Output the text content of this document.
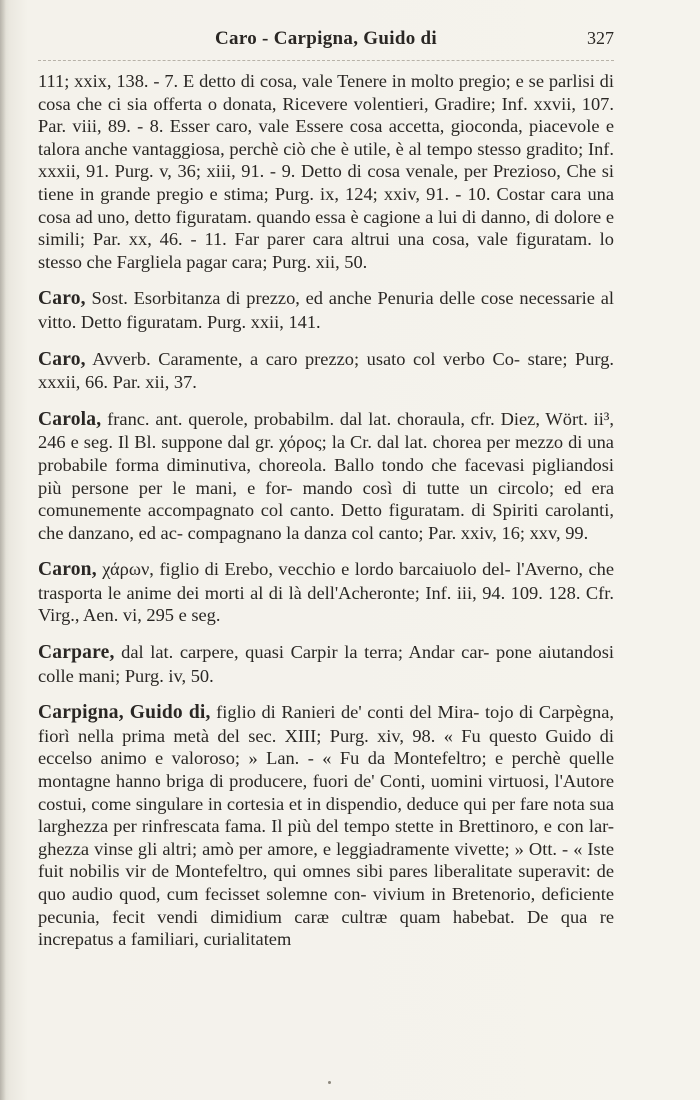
Caro - Carpigna, Guido di	327

111; xxix, 138. - 7. E detto di cosa, vale Tenere in molto pregio; e se parlisi di cosa che ci sia offerta o donata, Ricevere volentieri, Gradire; Inf. xxvii, 107. Par. viii, 89. - 8. Esser caro, vale Essere cosa accetta, gioconda, piacevole e talora anche vantaggiosa, perchè ciò che è utile, è al tempo stesso gradito; Inf. xxxii, 91. Purg. v, 36; xiii, 91. - 9. Detto di cosa venale, per Prezioso, Che si tiene in grande pregio e stima; Purg. ix, 124; xxiv, 91. - 10. Costar cara una cosa ad uno, detto figuratam. quando essa è cagione a lui di danno, di dolore e simili; Par. xx, 46. - 11. Far parer cara altrui una cosa, vale figuratam. lo stesso che Fargliela pagar cara; Purg. xii, 50.

Caro, Sost. Esorbitanza di prezzo, ed anche Penuria delle cose necessarie al vitto. Detto figuratam. Purg. xxii, 141.

Caro, Avverb. Caramente, a caro prezzo; usato col verbo Co- stare; Purg. xxxii, 66. Par. xii, 37.

Carola, franc. ant. querole, probabilm. dal lat. choraula, cfr. Diez, Wört. ii³, 246 e seg. Il Bl. suppone dal gr. χόρος; la Cr. dal lat. chorea per mezzo di una probabile forma diminutiva, choreola. Ballo tondo che facevasi pigliandosi più persone per le mani, e for- mando così di tutte un circolo; ed era comunemente accompagnato col canto. Detto figuratam. di Spiriti carolanti, che danzano, ed ac- compagnano la danza col canto; Par. xxiv, 16; xxv, 99.

Caron, χάρων, figlio di Erebo, vecchio e lordo barcaiuolo del- l'Averno, che trasporta le anime dei morti al di là dell'Acheronte; Inf. iii, 94. 109. 128. Cfr. Virg., Aen. vi, 295 e seg.

Carpare, dal lat. carpere, quasi Carpir la terra; Andar car- pone aiutandosi colle mani; Purg. iv, 50.

Carpigna, Guido di, figlio di Ranieri de' conti del Mira- tojo di Carpègna, fiorì nella prima metà del sec. XIII; Purg. xiv, 98. « Fu questo Guido di eccelso animo e valoroso; » Lan. - « Fu da Montefeltro; e perchè quelle montagne hanno briga di producere, fuori de' Conti, uomini virtuosi, l'Autore costui, come singulare in cortesia et in dispendio, deduce qui per fare nota sua larghezza per rinfrescata fama. Il più del tempo stette in Brettinoro, e con lar- ghezza vinse gli altri; amò per amore, e leggiadramente vivette; » Ott. - « Iste fuit nobilis vir de Montefeltro, qui omnes sibi pares liberalitate superavit: de quo audio quod, cum fecisset solemne con- vivium in Bretenorio, deficiente pecunia, fecit vendi dimidium caræ cultræ quam habebat. De qua re increpatus a familiari, curialitatem
